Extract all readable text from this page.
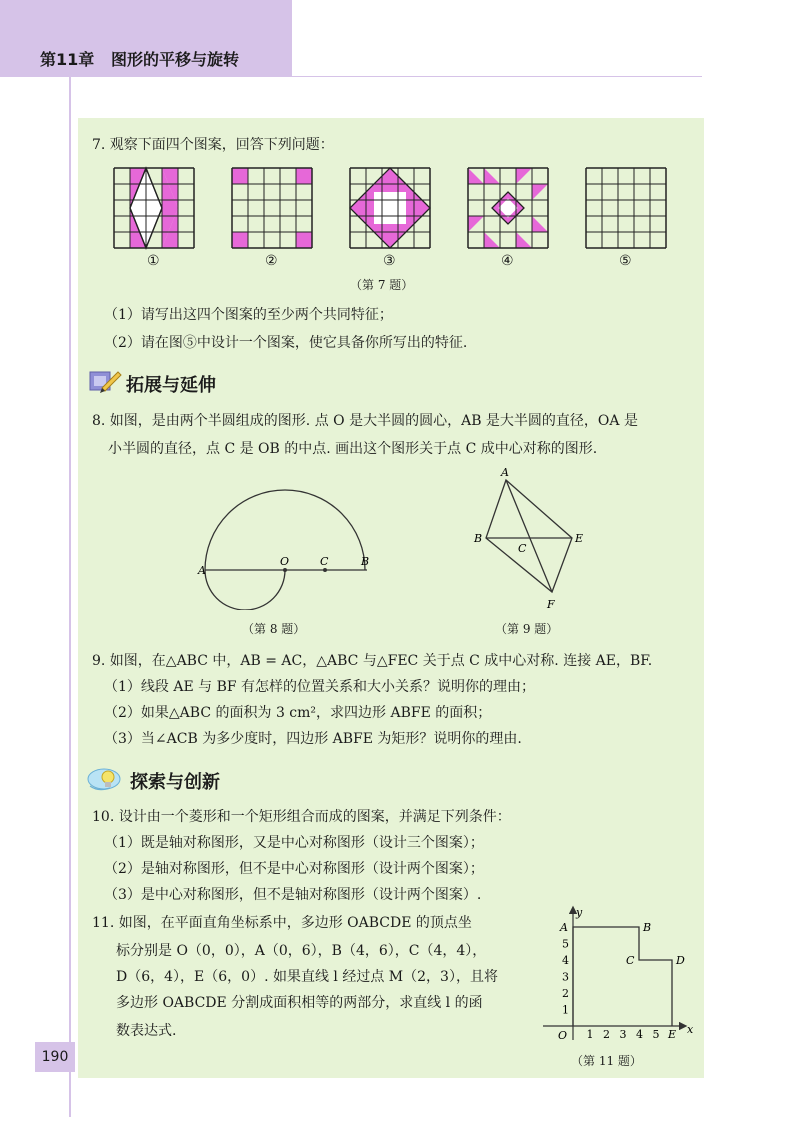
第11章   图形的平移与旋转
7. 观察下面四个图案，回答下列问题：
①	②	③	④	⑤
（第 7 题）
（1）请写出这四个图案的至少两个共同特征；
（2）请在图⑤中设计一个图案，使它具备你所写出的特征.
拓展与延伸
8. 如图，是由两个半圆组成的图形. 点 O 是大半圆的圆心，AB 是大半圆的直径，OA 是
小半圆的直径，点 C 是 OB 的中点. 画出这个图形关于点 C 成中心对称的图形.
A
O	C	B
（第 8 题）
A
B
C
E
F
（第 9 题）
9. 如图，在△ABC 中，AB = AC，△ABC 与△FEC 关于点 C 成中心对称. 连接 AE，BF.
（1）线段 AE 与 BF 有怎样的位置关系和大小关系？说明你的理由；
（2）如果△ABC 的面积为 3 cm²，求四边形 ABFE 的面积；
（3）当∠ACB 为多少度时，四边形 ABFE 为矩形？说明你的理由.
探索与创新
10. 设计由一个菱形和一个矩形组合而成的图案，并满足下列条件：
（1）既是轴对称图形，又是中心对称图形（设计三个图案）；
（2）是轴对称图形，但不是中心对称图形（设计两个图案）；
（3）是中心对称图形，但不是轴对称图形（设计两个图案）.
11. 如图，在平面直角坐标系中，多边形 OABCDE 的顶点坐
标分别是 O（0，0），A（0，6），B（4，6），C（4，4），
D（6，4），E（6，0）. 如果直线 l 经过点 M（2，3），且将
多边形 OABCDE 分割成面积相等的两部分，求直线 l 的函
数表达式.	x
y
O 1 2 3 4 5
1
2
3
4
5
A	B
C	D
E
（第 11 题）
190
